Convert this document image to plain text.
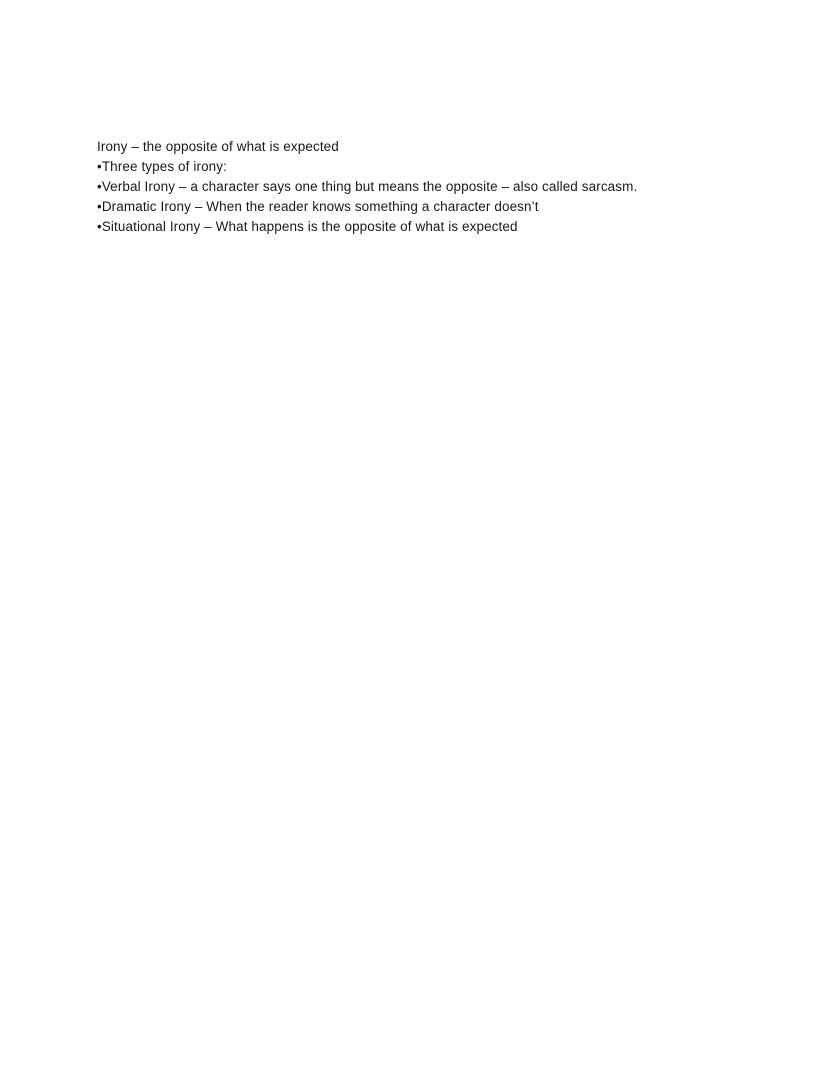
Irony – the opposite of what is expected
•Three types of irony:
•Verbal Irony – a character says one thing but means the opposite – also called sarcasm.
•Dramatic Irony – When the reader knows something a character doesn’t
•Situational Irony – What happens is the opposite of what is expected
